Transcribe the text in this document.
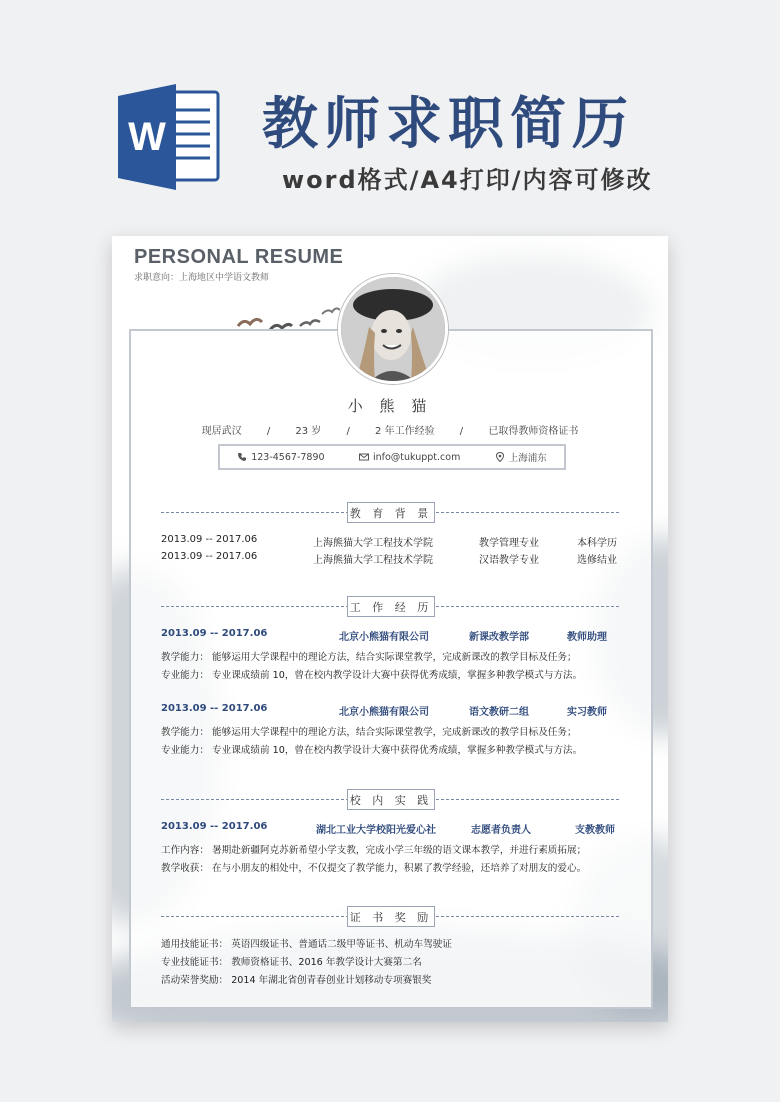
W 教师求职简历
word格式/A4打印/内容可修改
PERSONAL RESUME
求职意向：上海地区中学语文教师
小 熊 猫
现居武汉	/	23 岁	/	2 年工作经验	/	已取得教师资格证书
123-4567-7890	info@tukuppt.com	上海浦东
教 育 背 景
2013.09 -- 2017.06	上海熊猫大学工程技术学院	教学管理专业	本科学历
2013.09 -- 2017.06	上海熊猫大学工程技术学院	汉语教学专业	选修结业
工 作 经 历
2013.09 -- 2017.06	北京小熊猫有限公司	新课改教学部	教师助理
教学能力： 能够运用大学课程中的理论方法，结合实际课堂教学，完成新课改的教学目标及任务；
专业能力： 专业课成绩前 10，曾在校内教学设计大赛中获得优秀成绩，掌握多种教学模式与方法。
2013.09 -- 2017.06	北京小熊猫有限公司	语文教研二组	实习教师
教学能力： 能够运用大学课程中的理论方法，结合实际课堂教学，完成新课改的教学目标及任务；
专业能力： 专业课成绩前 10，曾在校内教学设计大赛中获得优秀成绩，掌握多种教学模式与方法。
校 内 实 践
2013.09 -- 2017.06	湖北工业大学校阳光爱心社	志愿者负责人	支教教师
工作内容： 暑期赴新疆阿克苏新希望小学支教，完成小学三年级的语文课本教学，并进行素质拓展；
教学收获： 在与小朋友的相处中，不仅提交了教学能力，积累了教学经验，还培养了对朋友的爱心。
证 书 奖 励
通用技能证书： 英语四级证书、普通话二级甲等证书、机动车驾驶证
专业技能证书： 教师资格证书、2016 年教学设计大赛第二名
活动荣誉奖励： 2014 年湖北省创青春创业计划移动专项赛银奖
